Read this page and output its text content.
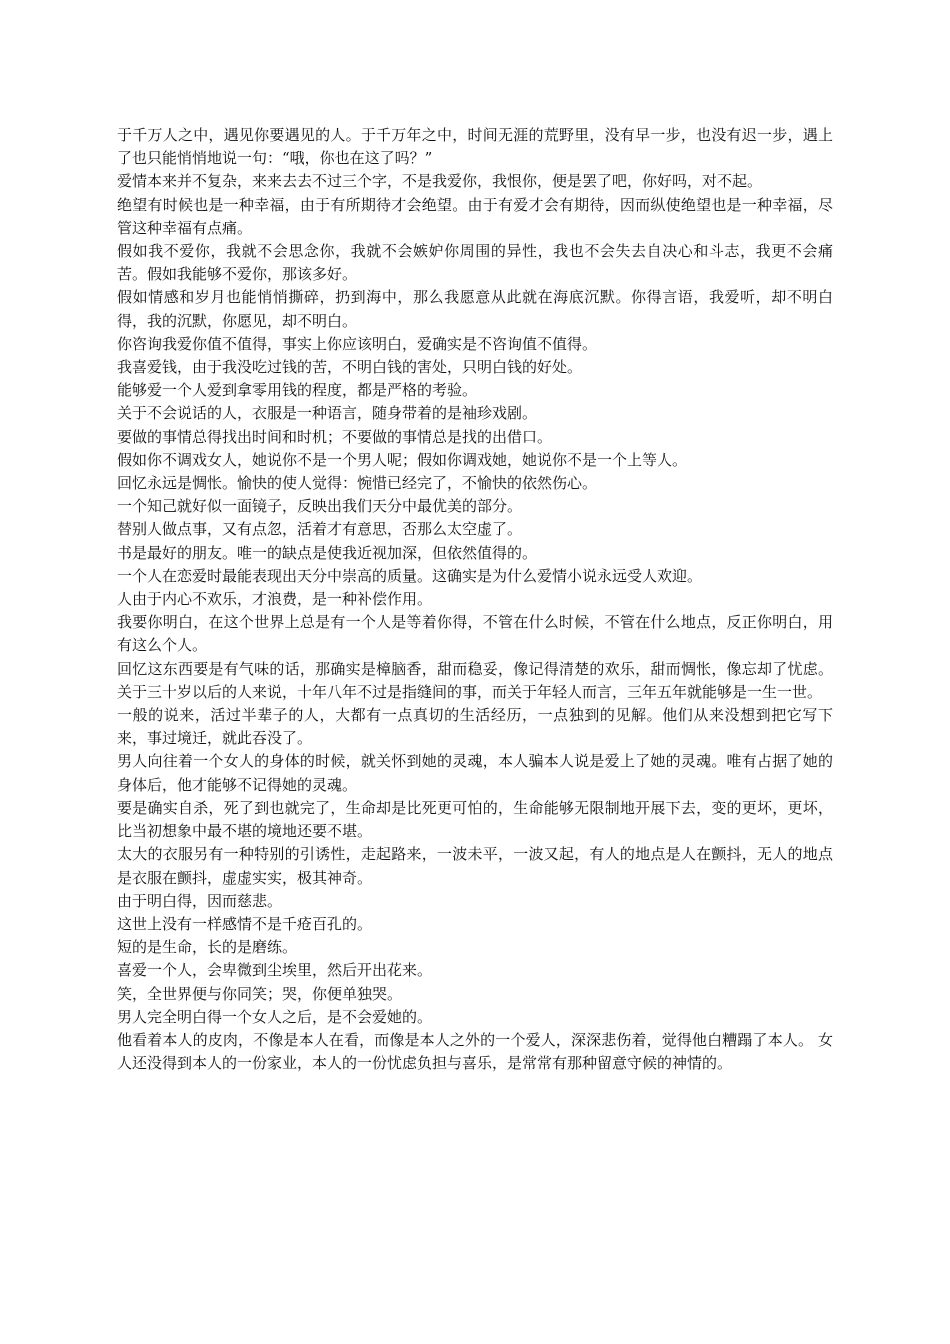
于千万人之中，遇见你要遇见的人。于千万年之中，时间无涯的荒野里，没有早一步，也没有迟一步，遇上了也只能悄悄地说一句：“哦，你也在这了吗？”

爱情本来并不复杂，来来去去不过三个字，不是我爱你，我恨你，便是罢了吧，你好吗，对不起。

绝望有时候也是一种幸福，由于有所期待才会绝望。由于有爱才会有期待，因而纵使绝望也是一种幸福，尽管这种幸福有点痛。

假如我不爱你，我就不会思念你，我就不会嫉妒你周围的异性，我也不会失去自决心和斗志，我更不会痛苦。假如我能够不爱你，那该多好。

假如情感和岁月也能悄悄撕碎，扔到海中，那么我愿意从此就在海底沉默。你得言语，我爱听，却不明白得，我的沉默，你愿见，却不明白。

你咨询我爱你值不值得，事实上你应该明白，爱确实是不咨询值不值得。

我喜爱钱，由于我没吃过钱的苦，不明白钱的害处，只明白钱的好处。

能够爱一个人爱到拿零用钱的程度，都是严格的考验。

关于不会说话的人，衣服是一种语言，随身带着的是袖珍戏剧。

要做的事情总得找出时间和时机；不要做的事情总是找的出借口。

假如你不调戏女人，她说你不是一个男人呢；假如你调戏她，她说你不是一个上等人。

回忆永远是惆怅。愉快的使人觉得：惋惜已经完了，不愉快的依然伤心。

一个知己就好似一面镜子，反映出我们天分中最优美的部分。

替别人做点事，又有点忽，活着才有意思，否那么太空虚了。

书是最好的朋友。唯一的缺点是使我近视加深，但依然值得的。

一个人在恋爱时最能表现出天分中崇高的质量。这确实是为什么爱情小说永远受人欢迎。

人由于内心不欢乐，才浪费，是一种补偿作用。

我要你明白，在这个世界上总是有一个人是等着你得，不管在什么时候，不管在什么地点，反正你明白，用有这么个人。

回忆这东西要是有气味的话，那确实是樟脑香，甜而稳妥，像记得清楚的欢乐，甜而惆怅，像忘却了忧虑。 关于三十岁以后的人来说，十年八年不过是指缝间的事，而关于年轻人而言，三年五年就能够是一生一世。

一般的说来，活过半辈子的人，大都有一点真切的生活经历，一点独到的见解。他们从来没想到把它写下来，事过境迁，就此吞没了。

男人向往着一个女人的身体的时候，就关怀到她的灵魂，本人骗本人说是爱上了她的灵魂。唯有占据了她的身体后，他才能够不记得她的灵魂。

要是确实自杀，死了到也就完了，生命却是比死更可怕的，生命能够无限制地开展下去，变的更坏，更坏，比当初想象中最不堪的境地还要不堪。

太大的衣服另有一种特别的引诱性，走起路来，一波未平，一波又起，有人的地点是人在颤抖，无人的地点是衣服在颤抖，虚虚实实，极其神奇。

由于明白得，因而慈悲。

这世上没有一样感情不是千疮百孔的。

短的是生命，长的是磨练。

喜爱一个人，会卑微到尘埃里，然后开出花来。

笑，全世界便与你同笑；哭，你便单独哭。

男人完全明白得一个女人之后，是不会爱她的。

他看着本人的皮肉，不像是本人在看，而像是本人之外的一个爱人，深深悲伤着，觉得他白糟蹋了本人。 女人还没得到本人的一份家业，本人的一份忧虑负担与喜乐，是常常有那种留意守候的神情的。
